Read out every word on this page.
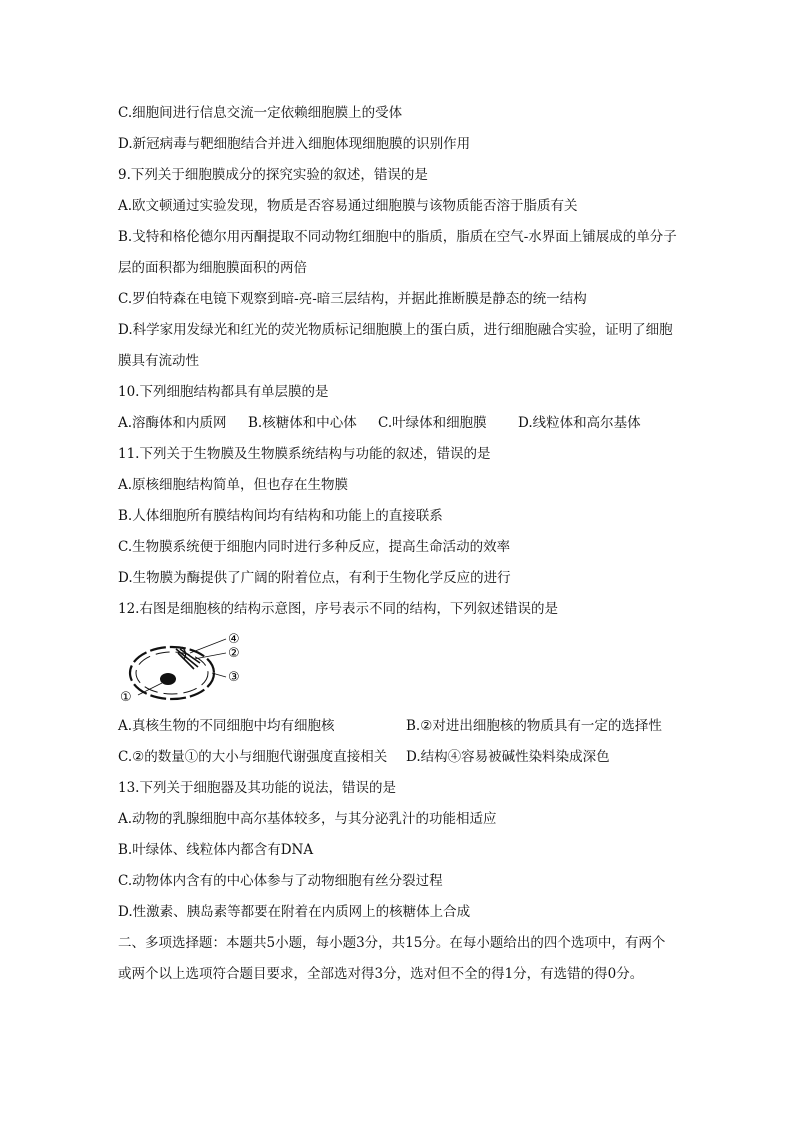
C.细胞间进行信息交流一定依赖细胞膜上的受体
D.新冠病毒与靶细胞结合并进入细胞体现细胞膜的识别作用
9.下列关于细胞膜成分的探究实验的叙述，错误的是
A.欧文顿通过实验发现，物质是否容易通过细胞膜与该物质能否溶于脂质有关
B.戈特和格伦德尔用丙酮提取不同动物红细胞中的脂质，脂质在空气-水界面上铺展成的单分子层的面积都为细胞膜面积的两倍
C.罗伯特森在电镜下观察到暗-亮-暗三层结构，并据此推断膜是静态的统一结构
D.科学家用发绿光和红光的荧光物质标记细胞膜上的蛋白质，进行细胞融合实验，证明了细胞膜具有流动性
10.下列细胞结构都具有单层膜的是
A.溶酶体和内质网	B.核糖体和中心体	C.叶绿体和细胞膜	D.线粒体和高尔基体
11.下列关于生物膜及生物膜系统结构与功能的叙述，错误的是
A.原核细胞结构简单，但也存在生物膜
B.人体细胞所有膜结构间均有结构和功能上的直接联系
C.生物膜系统便于细胞内同时进行多种反应，提高生命活动的效率
D.生物膜为酶提供了广阔的附着位点，有利于生物化学反应的进行
12.右图是细胞核的结构示意图，序号表示不同的结构，下列叙述错误的是
④
②
③
①
A.真核生物的不同细胞中均有细胞核	B.②对进出细胞核的物质具有一定的选择性
C.②的数量①的大小与细胞代谢强度直接相关	D.结构④容易被碱性染料染成深色
13.下列关于细胞器及其功能的说法，错误的是
A.动物的乳腺细胞中高尔基体较多，与其分泌乳汁的功能相适应
B.叶绿体、线粒体内都含有DNA
C.动物体内含有的中心体参与了动物细胞有丝分裂过程
D.性激素、胰岛素等都要在附着在内质网上的核糖体上合成
二、多项选择题：本题共5小题，每小题3分，共15分。在每小题给出的四个选项中，有两个或两个以上选项符合题目要求，全部选对得3分，选对但不全的得1分，有选错的得0分。
